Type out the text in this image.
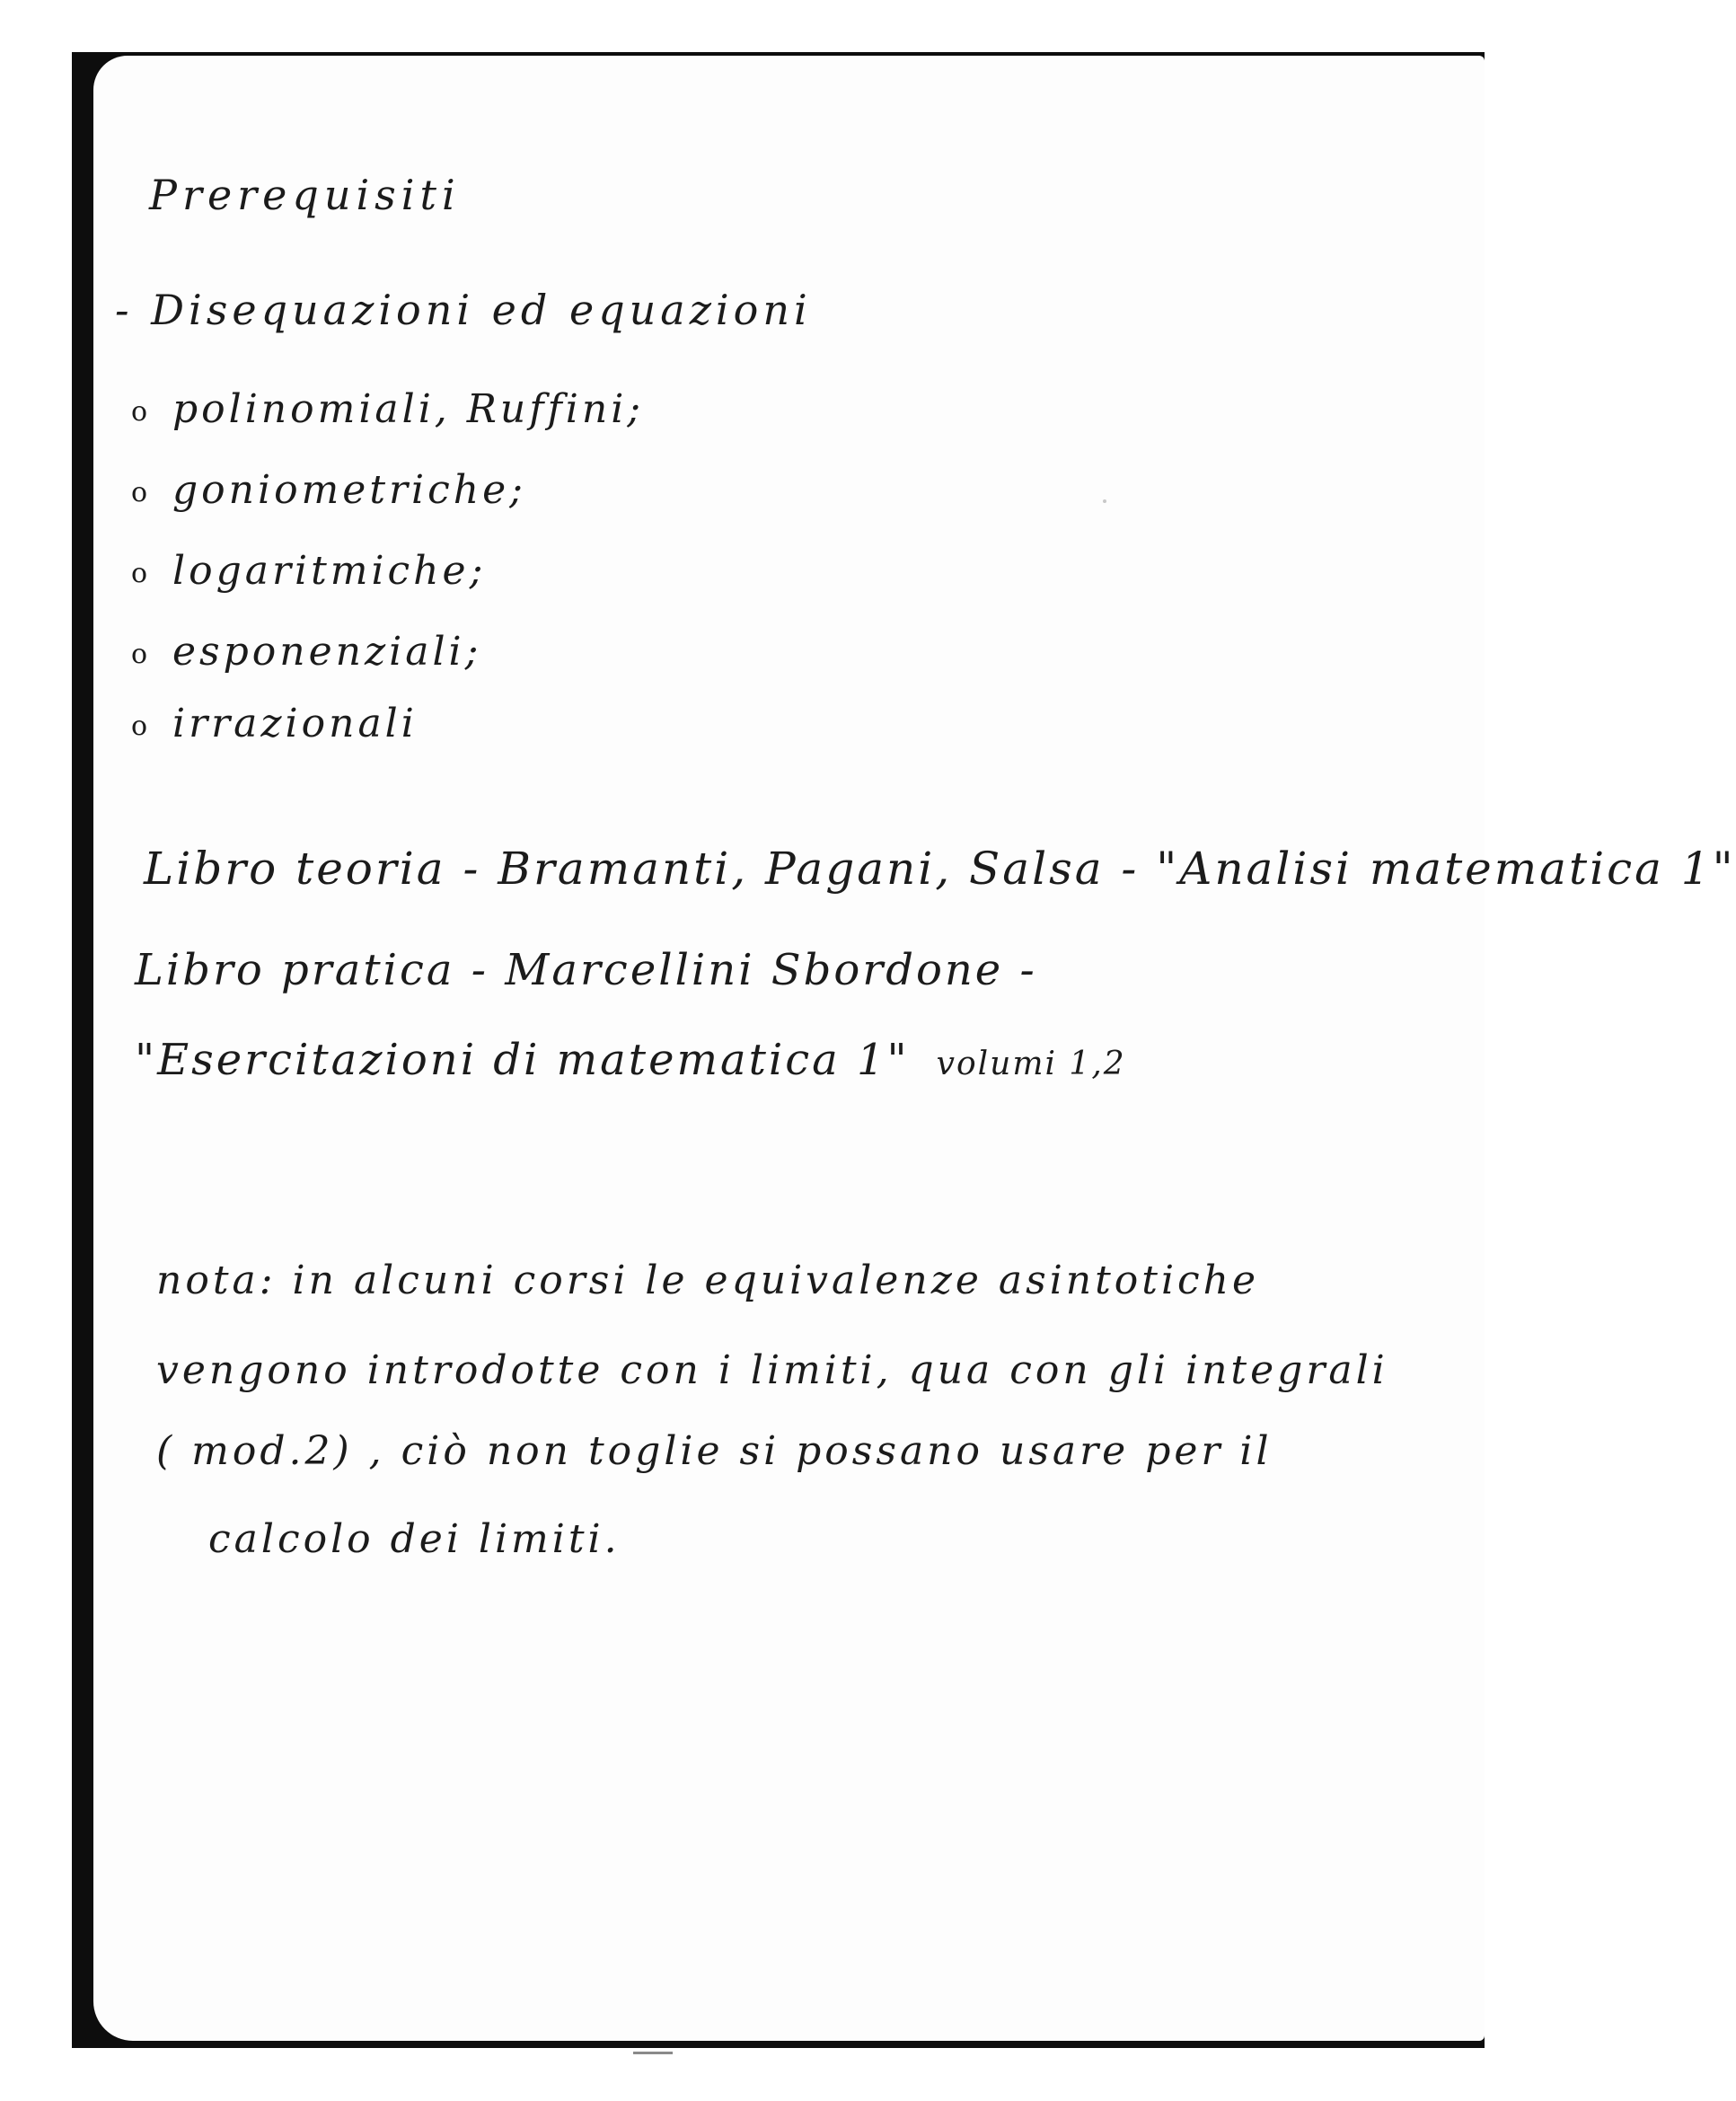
Prerequisiti
- Disequazioni ed equazioni
o polinomiali, Ruffini;
o goniometriche;
o logaritmiche;
o esponenziali;
o irrazionali
Libro teoria - Bramanti, Pagani, Salsa - "Analisi matematica 1"
Libro pratica - Marcellini Sbordone -
"Esercitazioni di matematica 1" volumi 1,2
nota: in alcuni corsi le equivalenze asintotiche
vengono introdotte con i limiti, qua con gli integrali
( mod.2) , ciò non toglie si possano usare per il
calcolo dei limiti.
